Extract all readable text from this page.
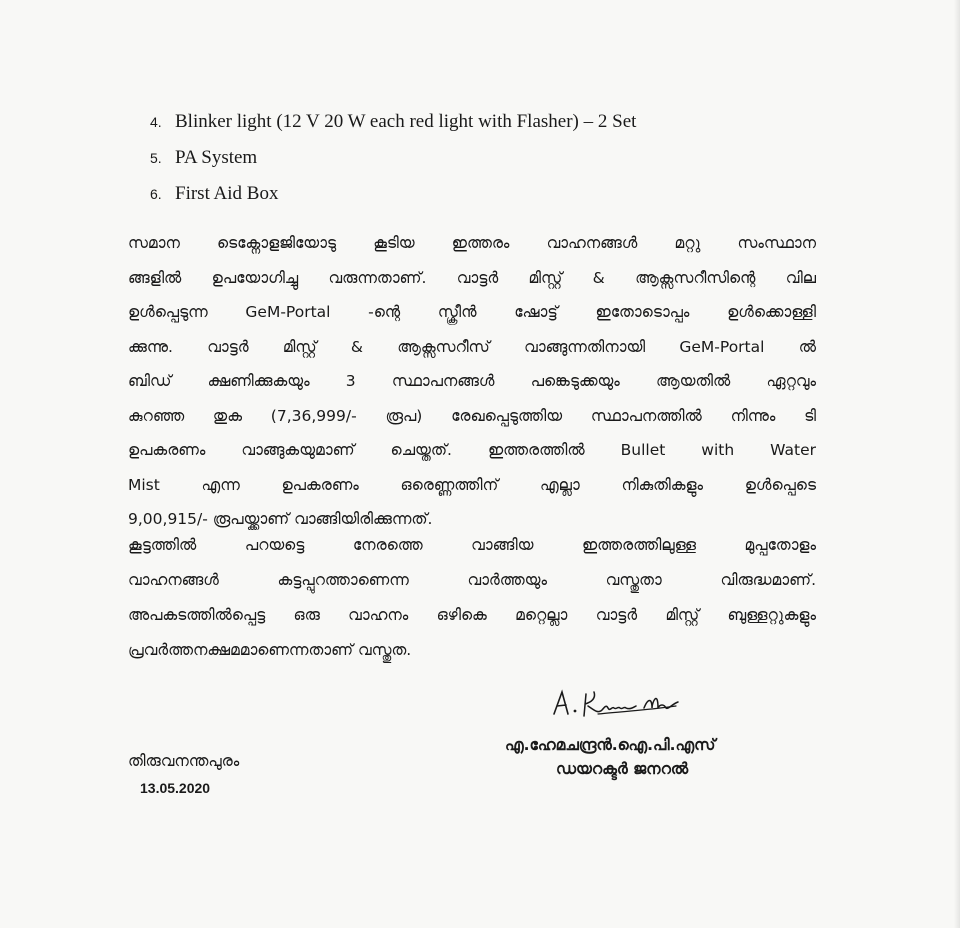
4. Blinker light (12 V 20 W each red light with Flasher) – 2 Set
5. PA System
6. First Aid Box

സമാന ടെക്നോളജിയോടു കൂടിയ ഇത്തരം വാഹനങ്ങൾ മറ്റു സംസ്ഥാന
ങ്ങളിൽ ഉപയോഗിച്ചു വരുന്നതാണ്. വാട്ടർ മിസ്റ്റ് & ആക്സസറീസിന്റെ വില
ഉൾപ്പെടുന്ന GeM-Portal -ന്റെ സ്ക്രീൻ ഷോട്ട് ഇതോടൊപ്പം ഉൾക്കൊള്ളി
ക്കുന്നു. വാട്ടർ മിസ്റ്റ് & ആക്സസറീസ് വാങ്ങുന്നതിനായി GeM-Portal ൽ
ബിഡ് ക്ഷണിക്കുകയും 3 സ്ഥാപനങ്ങൾ പങ്കെടുക്കയും ആയതിൽ ഏറ്റവും
കുറഞ്ഞ തുക (7,36,999/- രൂപ) രേഖപ്പെടുത്തിയ സ്ഥാപനത്തിൽ നിന്നും ടി
ഉപകരണം വാങ്ങുകയുമാണ് ചെയ്തത്. ഇത്തരത്തിൽ Bullet with Water
Mist എന്ന ഉപകരണം ഒരെണ്ണത്തിന് എല്ലാ നികുതികളും ഉൾപ്പെടെ
9,00,915/- രൂപയ്ക്കാണ് വാങ്ങിയിരിക്കുന്നത്.

കൂട്ടത്തിൽ പറയട്ടെ നേരത്തെ വാങ്ങിയ ഇത്തരത്തിലുള്ള മുപ്പതോളം
വാഹനങ്ങൾ കട്ടപ്പുറത്താണെന്ന വാർത്തയും വസ്തുതാ വിരുദ്ധമാണ്.
അപകടത്തിൽപ്പെട്ട ഒരു വാഹനം ഒഴികെ മറ്റെല്ലാ വാട്ടർ മിസ്റ്റ് ബുള്ളറ്റുകളും
പ്രവർത്തനക്ഷമമാണെന്നതാണ് വസ്തുത.

എ.ഹേമചന്ദ്രൻ.ഐ.പി.എസ്
ഡയറക്ടർ ജനറൽ
തിരുവനന്തപുരം
13.05.2020
